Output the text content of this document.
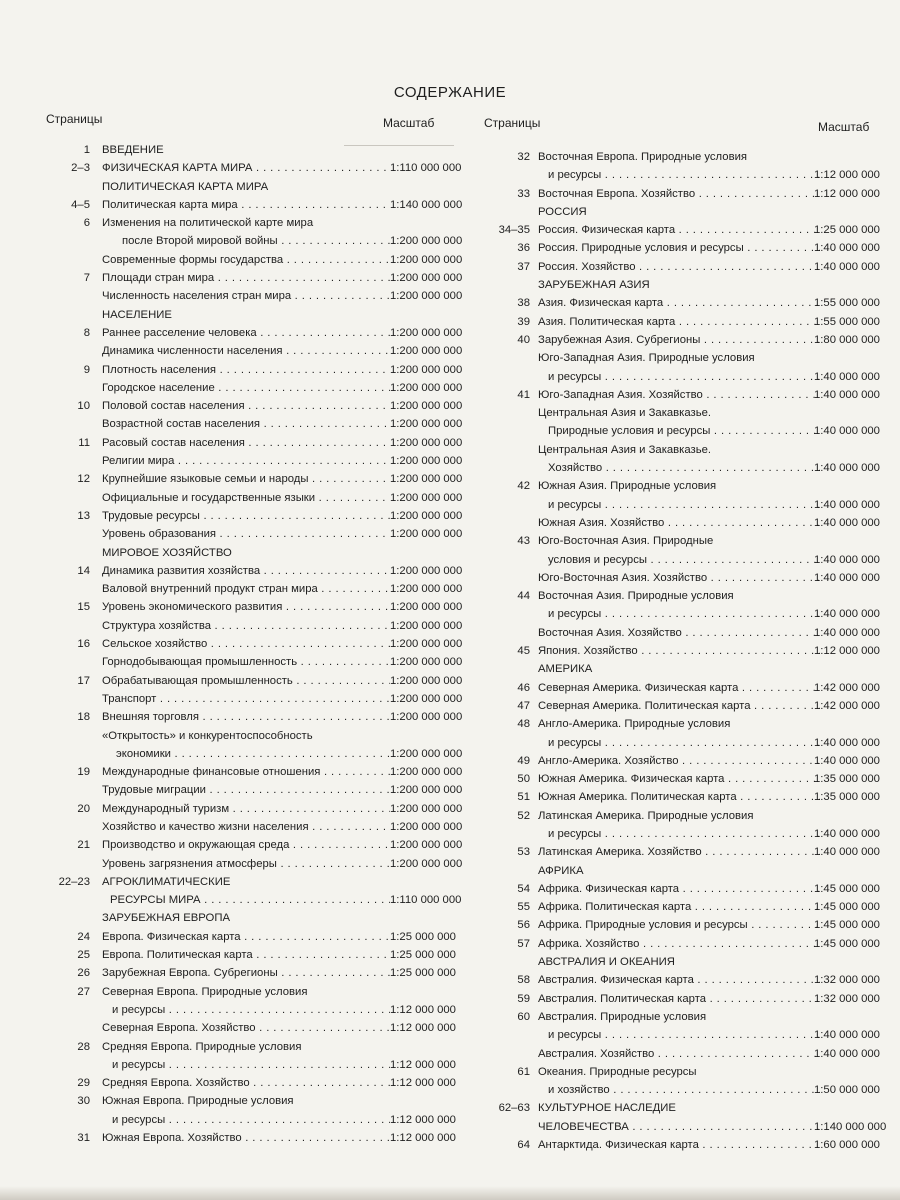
СОДЕРЖАНИЕ
Страницы	Масштаб	Страницы	Масштаб
1 ВВЕДЕНИЕ
2–3 ФИЗИЧЕСКАЯ КАРТА МИРА . . .	1:110 000 000
ПОЛИТИЧЕСКАЯ КАРТА МИРА
4–5 Политическая карта мира . . .	1:140 000 000
6 Изменения на политической карте мира
после Второй мировой войны . . .	1:200 000 000
Современные формы государства . . .	1:200 000 000
7 Площади стран мира . . .	1:200 000 000
Численность населения стран мира . . .	1:200 000 000
НАСЕЛЕНИЕ
8 Раннее расселение человека . . .	1:200 000 000
Динамика численности населения . . .	1:200 000 000
9 Плотность населения . . .	1:200 000 000
Городское население . . .	1:200 000 000
10 Половой состав населения . . .	1:200 000 000
Возрастной состав населения . . .	1:200 000 000
11 Расовый состав населения . . .	1:200 000 000
Религии мира . . .	1:200 000 000
12 Крупнейшие языковые семьи и народы . . .	1:200 000 000
Официальные и государственные языки . . .	1:200 000 000
13 Трудовые ресурсы . . .	1:200 000 000
Уровень образования . . .	1:200 000 000
МИРОВОЕ ХОЗЯЙСТВО
14 Динамика развития хозяйства . . .	1:200 000 000
Валовой внутренний продукт стран мира . . .	1:200 000 000
15 Уровень экономического развития . . .	1:200 000 000
Структура хозяйства . . .	1:200 000 000
16 Сельское хозяйство . . .	1:200 000 000
Горнодобывающая промышленность . . .	1:200 000 000
17 Обрабатывающая промышленность . . .	1:200 000 000
Транспорт . . .	1:200 000 000
18 Внешняя торговля . . .	1:200 000 000
«Открытость» и конкурентоспособность
экономики . . .	1:200 000 000
19 Международные финансовые отношения . . .	1:200 000 000
Трудовые миграции . . .	1:200 000 000
20 Международный туризм . . .	1:200 000 000
Хозяйство и качество жизни населения . . .	1:200 000 000
21 Производство и окружающая среда . . .	1:200 000 000
Уровень загрязнения атмосферы . . .	1:200 000 000
22–23 АГРОКЛИМАТИЧЕСКИЕ
РЕСУРСЫ МИРА . . .	1:110 000 000
ЗАРУБЕЖНАЯ ЕВРОПА
24 Европа. Физическая карта . . .	1:25 000 000
25 Европа. Политическая карта . . .	1:25 000 000
26 Зарубежная Европа. Субрегионы . . .	1:25 000 000
27 Северная Европа. Природные условия
и ресурсы . . .	1:12 000 000
Северная Европа. Хозяйство . . .	1:12 000 000
28 Средняя Европа. Природные условия
и ресурсы . . .	1:12 000 000
29 Средняя Европа. Хозяйство . . .	1:12 000 000
30 Южная Европа. Природные условия
и ресурсы . . .	1:12 000 000
31 Южная Европа. Хозяйство . . .	1:12 000 000
32 Восточная Европа. Природные условия
и ресурсы . . .	1:12 000 000
33 Восточная Европа. Хозяйство . . .	1:12 000 000
РОССИЯ
34–35 Россия. Физическая карта . . .	1:25 000 000
36 Россия. Природные условия и ресурсы . . .	1:40 000 000
37 Россия. Хозяйство . . .	1:40 000 000
ЗАРУБЕЖНАЯ АЗИЯ
38 Азия. Физическая карта . . .	1:55 000 000
39 Азия. Политическая карта . . .	1:55 000 000
40 Зарубежная Азия. Субрегионы . . .	1:80 000 000
Юго-Западная Азия. Природные условия
и ресурсы . . .	1:40 000 000
41 Юго-Западная Азия. Хозяйство . . .	1:40 000 000
Центральная Азия и Закавказье.
Природные условия и ресурсы . . .	1:40 000 000
Центральная Азия и Закавказье.
Хозяйство . . .	1:40 000 000
42 Южная Азия. Природные условия
и ресурсы . . .	1:40 000 000
Южная Азия. Хозяйство . . .	1:40 000 000
43 Юго-Восточная Азия. Природные
условия и ресурсы . . .	1:40 000 000
Юго-Восточная Азия. Хозяйство . . .	1:40 000 000
44 Восточная Азия. Природные условия
и ресурсы . . .	1:40 000 000
Восточная Азия. Хозяйство . . .	1:40 000 000
45 Япония. Хозяйство . . .	1:12 000 000
АМЕРИКА
46 Северная Америка. Физическая карта . . .	1:42 000 000
47 Северная Америка. Политическая карта . . .	1:42 000 000
48 Англо-Америка. Природные условия
и ресурсы . . .	1:40 000 000
49 Англо-Америка. Хозяйство . . .	1:40 000 000
50 Южная Америка. Физическая карта . . .	1:35 000 000
51 Южная Америка. Политическая карта . . .	1:35 000 000
52 Латинская Америка. Природные условия
и ресурсы . . .	1:40 000 000
53 Латинская Америка. Хозяйство . . .	1:40 000 000
АФРИКА
54 Африка. Физическая карта . . .	1:45 000 000
55 Африка. Политическая карта . . .	1:45 000 000
56 Африка. Природные условия и ресурсы . . .	1:45 000 000
57 Африка. Хозяйство . . .	1:45 000 000
АВСТРАЛИЯ И ОКЕАНИЯ
58 Австралия. Физическая карта . . .	1:32 000 000
59 Австралия. Политическая карта . . .	1:32 000 000
60 Австралия. Природные условия
и ресурсы . . .	1:40 000 000
Австралия. Хозяйство . . .	1:40 000 000
61 Океания. Природные ресурсы
и хозяйство . . .	1:50 000 000
62–63 КУЛЬТУРНОЕ НАСЛЕДИЕ
ЧЕЛОВЕЧЕСТВА . . .	1:140 000 000
64 Антарктида. Физическая карта . . .	1:60 000 000
